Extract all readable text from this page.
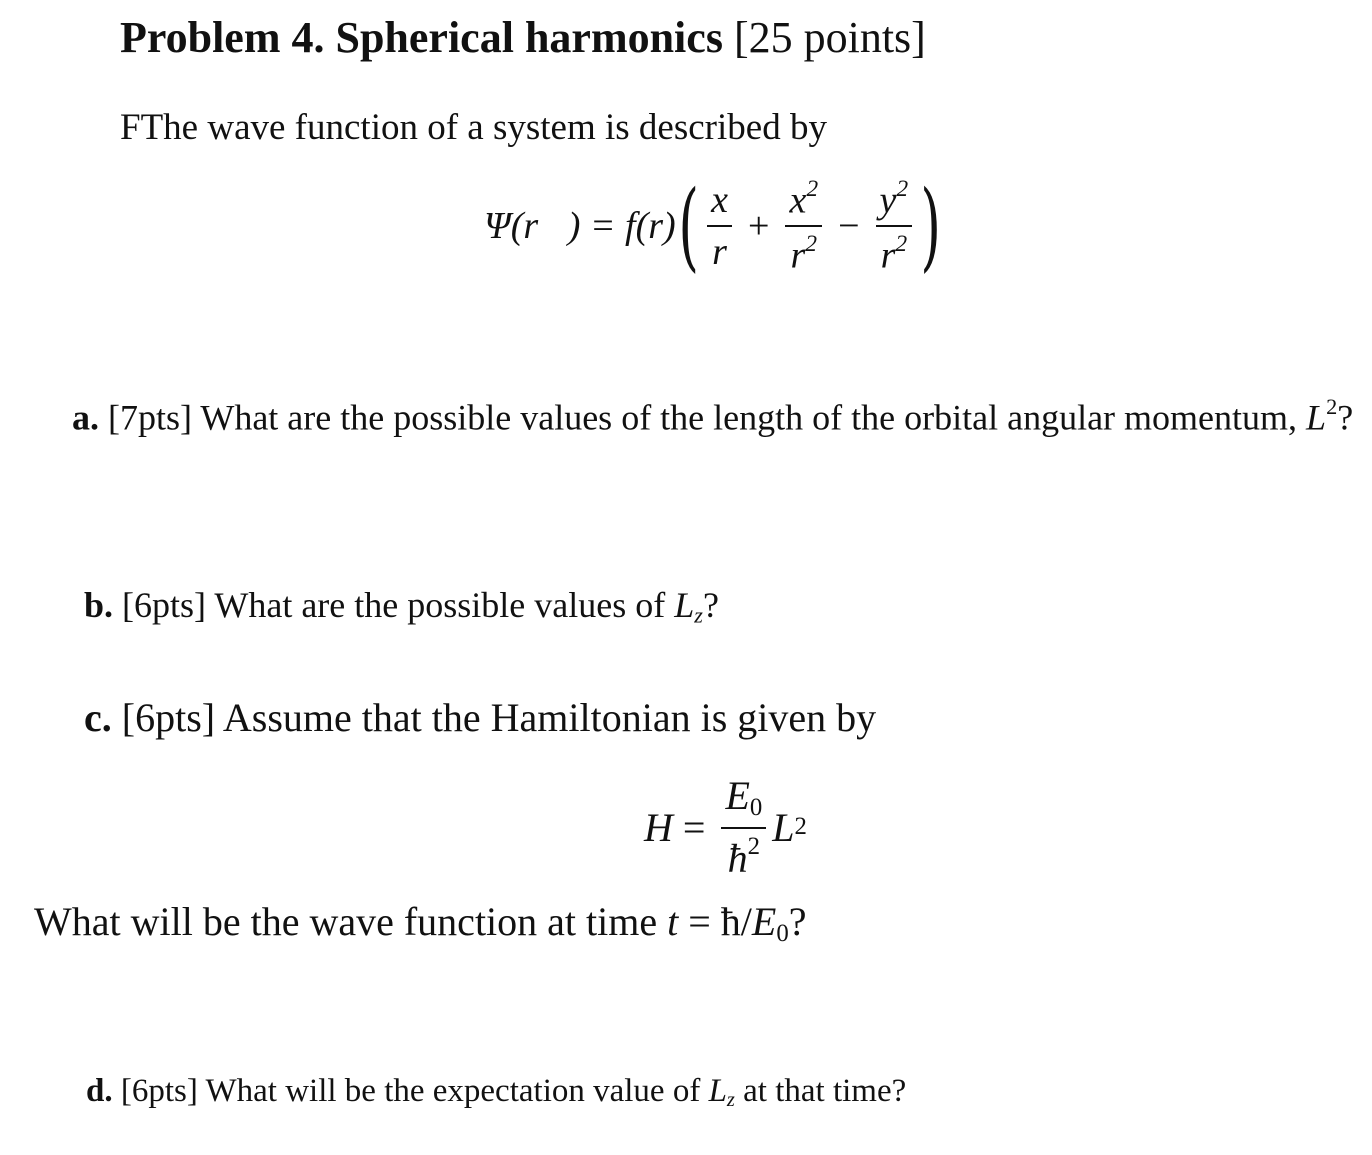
Problem 4. Spherical harmonics [25 points]
FThe wave function of a system is described by
Ψ(r⃗) = f(r) ( $\frac{x}{r} + \frac{x^2}{r^2} - \frac{y^2}{r^2}$ )
a. [7pts] What are the possible values of the length of the orbital angular momentum, $L^2$?
b. [6pts] What are the possible values of $L_z$?
c. [6pts] Assume that the Hamiltonian is given by
$H = \frac{E_0}{ħ^2}$ L 2
What will be the wave function at time $t = ħ/E_0$?
d. [6pts] What will be the expectation value of $L_z$ at that time?
